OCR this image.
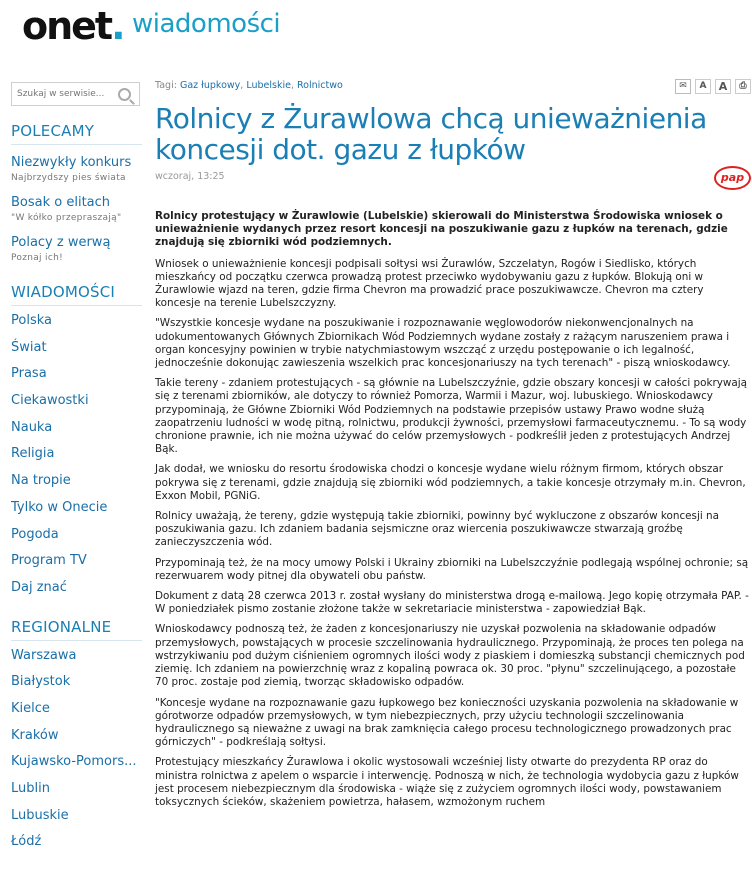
onet. wiadomości
Szukaj w serwisie...
POLECAMY
Niezwykły konkurs
Najbrzydszy pies świata
Bosak o elitach
"W kółko przepraszają"
Polacy z werwą
Poznaj ich!
WIADOMOŚCI
Polska
Świat
Prasa
Ciekawostki
Nauka
Religia
Na tropie
Tylko w Onecie
Pogoda
Program TV
Daj znać
REGIONALNE
Warszawa
Białystok
Kielce
Kraków
Kujawsko-Pomors...
Lublin
Lubuskie
Łódź
Tagi: Gaz łupkowy, Lubelskie, Rolnictwo	✉	A	A	⎙
Rolnicy z Żurawlowa chcą unieważnienia koncesji dot. gazu z łupków
wczoraj, 13:25	pap

Rolnicy protestujący w Żurawlowie (Lubelskie) skierowali do Ministerstwa Środowiska wniosek o unieważnienie wydanych przez resort koncesji na poszukiwanie gazu z łupków na terenach, gdzie znajdują się zbiorniki wód podziemnych.

Wniosek o unieważnienie koncesji podpisali sołtysi wsi Żurawlów, Szczelatyn, Rogów i Siedlisko, których mieszkańcy od początku czerwca prowadzą protest przeciwko wydobywaniu gazu z łupków. Blokują oni w Żurawlowie wjazd na teren, gdzie firma Chevron ma prowadzić prace poszukiwawcze. Chevron ma cztery koncesje na terenie Lubelszczyzny.

"Wszystkie koncesje wydane na poszukiwanie i rozpoznawanie węglowodorów niekonwencjonalnych na udokumentowanych Głównych Zbiornikach Wód Podziemnych wydane zostały z rażącym naruszeniem prawa i organ koncesyjny powinien w trybie natychmiastowym wszcząć z urzędu postępowanie o ich legalność, jednocześnie dokonując zawieszenia wszelkich prac koncesjonariuszy na tych terenach" - piszą wnioskodawcy.

Takie tereny - zdaniem protestujących - są głównie na Lubelszczyźnie, gdzie obszary koncesji w całości pokrywają się z terenami zbiorników, ale dotyczy to również Pomorza, Warmii i Mazur, woj. lubuskiego. Wnioskodawcy przypominają, że Główne Zbiorniki Wód Podziemnych na podstawie przepisów ustawy Prawo wodne służą zaopatrzeniu ludności w wodę pitną, rolnictwu, produkcji żywności, przemysłowi farmaceutycznemu. - To są wody chronione prawnie, ich nie można używać do celów przemysłowych - podkreślił jeden z protestujących Andrzej Bąk.

Jak dodał, we wniosku do resortu środowiska chodzi o koncesje wydane wielu różnym firmom, których obszar pokrywa się z terenami, gdzie znajdują się zbiorniki wód podziemnych, a takie koncesje otrzymały m.in. Chevron, Exxon Mobil, PGNiG.

Rolnicy uważają, że tereny, gdzie występują takie zbiorniki, powinny być wykluczone z obszarów koncesji na poszukiwania gazu. Ich zdaniem badania sejsmiczne oraz wiercenia poszukiwawcze stwarzają groźbę zanieczyszczenia wód.

Przypominają też, że na mocy umowy Polski i Ukrainy zbiorniki na Lubelszczyźnie podlegają wspólnej ochronie; są rezerwuarem wody pitnej dla obywateli obu państw.

Dokument z datą 28 czerwca 2013 r. został wysłany do ministerstwa drogą e-mailową. Jego kopię otrzymała PAP. - W poniedziałek pismo zostanie złożone także w sekretariacie ministerstwa - zapowiedział Bąk.

Wnioskodawcy podnoszą też, że żaden z koncesjonariuszy nie uzyskał pozwolenia na składowanie odpadów przemysłowych, powstających w procesie szczelinowania hydraulicznego. Przypominają, że proces ten polega na wstrzykiwaniu pod dużym ciśnieniem ogromnych ilości wody z piaskiem i domieszką substancji chemicznych pod ziemię. Ich zdaniem na powierzchnię wraz z kopaliną powraca ok. 30 proc. "płynu" szczelinującego, a pozostałe 70 proc. zostaje pod ziemią, tworząc składowisko odpadów.

"Koncesje wydane na rozpoznawanie gazu łupkowego bez konieczności uzyskania pozwolenia na składowanie w górotworze odpadów przemysłowych, w tym niebezpiecznych, przy użyciu technologii szczelinowania hydraulicznego są nieważne z uwagi na brak zamknięcia całego procesu technologicznego prowadzonych prac górniczych" - podkreślają sołtysi.

Protestujący mieszkańcy Żurawlowa i okolic wystosowali wcześniej listy otwarte do prezydenta RP oraz do ministra rolnictwa z apelem o wsparcie i interwencję. Podnoszą w nich, że technologia wydobycia gazu z łupków jest procesem niebezpiecznym dla środowiska - wiąże się z zużyciem ogromnych ilości wody, powstawaniem toksycznych ścieków, skażeniem powietrza, hałasem, wzmożonym ruchem
